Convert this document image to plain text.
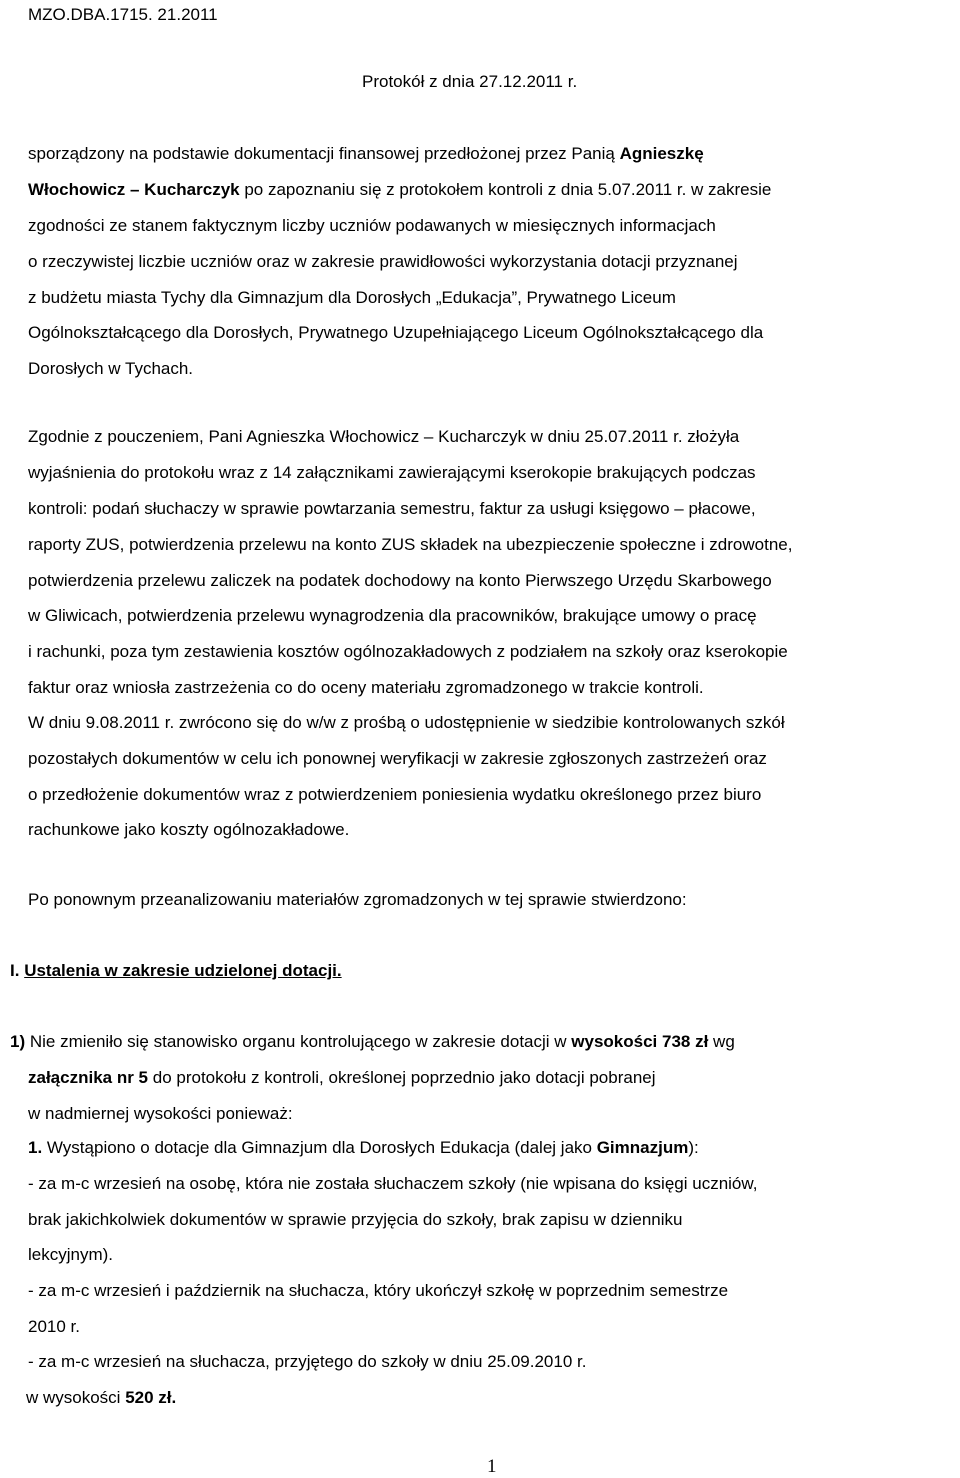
MZO.DBA.1715. 21.2011
Protokół z dnia 27.12.2011 r.
sporządzony na podstawie dokumentacji finansowej przedłożonej przez Panią Agnieszkę
Włochowicz – Kucharczyk po zapoznaniu się z protokołem kontroli z dnia 5.07.2011 r. w zakresie
zgodności ze stanem faktycznym liczby uczniów podawanych w miesięcznych informacjach
o rzeczywistej liczbie uczniów oraz w zakresie prawidłowości wykorzystania dotacji przyznanej
z budżetu miasta Tychy dla Gimnazjum dla Dorosłych „Edukacja”, Prywatnego Liceum
Ogólnokształcącego dla Dorosłych, Prywatnego Uzupełniającego Liceum Ogólnokształcącego dla
Dorosłych w Tychach.
Zgodnie z pouczeniem, Pani Agnieszka Włochowicz – Kucharczyk w dniu 25.07.2011 r. złożyła
wyjaśnienia do protokołu wraz z 14 załącznikami zawierającymi kserokopie brakujących podczas
kontroli: podań słuchaczy w sprawie powtarzania semestru, faktur za usługi księgowo – płacowe,
raporty ZUS, potwierdzenia przelewu na konto ZUS składek na ubezpieczenie społeczne i zdrowotne,
potwierdzenia przelewu zaliczek na podatek dochodowy na konto Pierwszego Urzędu Skarbowego
w Gliwicach, potwierdzenia przelewu wynagrodzenia dla pracowników, brakujące umowy o pracę
i rachunki, poza tym zestawienia kosztów ogólnozakładowych z podziałem na szkoły oraz kserokopie
faktur oraz wniosła zastrzeżenia co do oceny materiału zgromadzonego w trakcie kontroli.
W dniu 9.08.2011 r. zwrócono się do w/w z prośbą o udostępnienie w siedzibie kontrolowanych szkół
pozostałych dokumentów w celu ich ponownej weryfikacji w zakresie zgłoszonych zastrzeżeń oraz
o przedłożenie dokumentów wraz z potwierdzeniem poniesienia wydatku określonego przez biuro
rachunkowe jako koszty ogólnozakładowe.
Po ponownym przeanalizowaniu materiałów zgromadzonych w tej sprawie stwierdzono:
I. Ustalenia w zakresie udzielonej dotacji.
1) Nie zmieniło się stanowisko organu kontrolującego w zakresie dotacji w wysokości 738 zł wg
załącznika nr 5 do protokołu z kontroli, określonej poprzednio jako dotacji pobranej
w nadmiernej wysokości ponieważ:
1. Wystąpiono o dotacje dla Gimnazjum dla Dorosłych Edukacja (dalej jako Gimnazjum):
- za m-c wrzesień na osobę, która nie została słuchaczem szkoły (nie wpisana do księgi uczniów,
brak jakichkolwiek dokumentów w sprawie przyjęcia do szkoły, brak zapisu w dzienniku
lekcyjnym).
- za m-c wrzesień i październik na słuchacza, który ukończył szkołę w poprzednim semestrze
2010 r.
- za m-c wrzesień na słuchacza, przyjętego do szkoły w dniu 25.09.2010 r.
w wysokości 520 zł.
1
